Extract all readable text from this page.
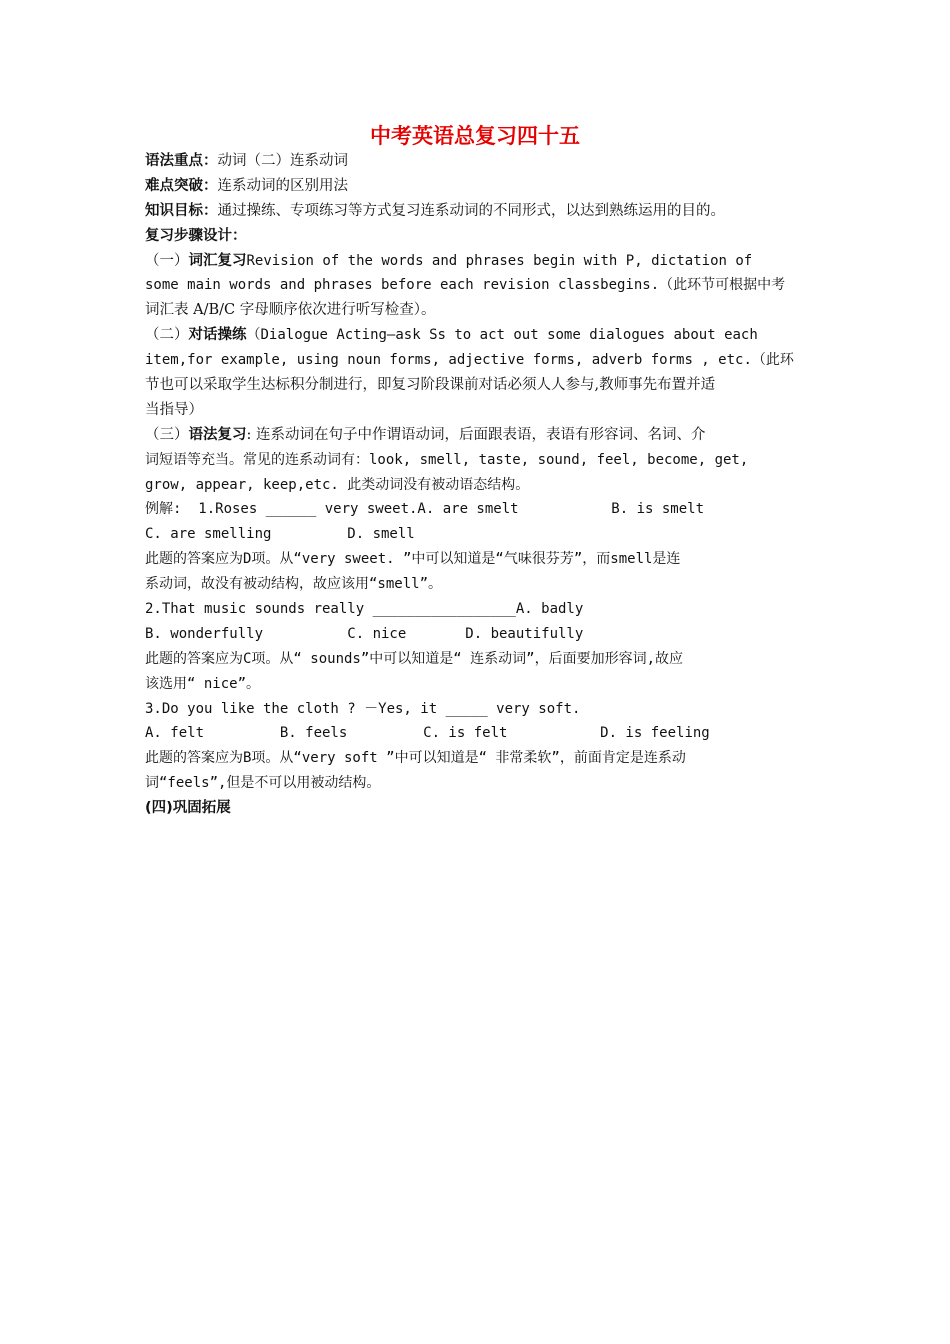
中考英语总复习四十五
语法重点：动词（二）连系动词
难点突破：连系动词的区别用法
知识目标：通过操练、专项练习等方式复习连系动词的不同形式，以达到熟练运用的目的。
复习步骤设计：
（一）词汇复习Revision of the words and phrases begin with P, dictation of
some main words and phrases before each revision classbegins.（此环节可根据中考
词汇表 A/B/C 字母顺序依次进行听写检查）。
（二）对话操练（Dialogue Acting—ask Ss to act out some dialogues about each
item,for example, using noun forms, adjective forms, adverb forms , etc.（此环
节也可以采取学生达标积分制进行，即复习阶段课前对话必须人人参与,教师事先布置并适
当指导）
（三）语法复习: 连系动词在句子中作谓语动词，后面跟表语，表语有形容词、名词、介
词短语等充当。常见的连系动词有：look, smell, taste, sound, feel, become, get,
grow, appear, keep,etc. 此类动词没有被动语态结构。
例解:  1.Roses ______ very sweet.A. are smelt           B. is smelt
C. are smelling         D. smell
此题的答案应为D项。从“very sweet. ”中可以知道是“气味很芬芳”，而smell是连
系动词，故没有被动结构，故应该用“smell”。
2.That music sounds really _________________A. badly
B. wonderfully          C. nice       D. beautifully
此题的答案应为C项。从“ sounds”中可以知道是“ 连系动词”，后面要加形容词,故应
该选用“ nice”。
3.Do you like the cloth ? －Yes, it _____ very soft.
A. felt         B. feels         C. is felt           D. is feeling
此题的答案应为B项。从“very soft ”中可以知道是“ 非常柔软”，前面肯定是连系动
词“feels”,但是不可以用被动结构。
(四)巩固拓展
